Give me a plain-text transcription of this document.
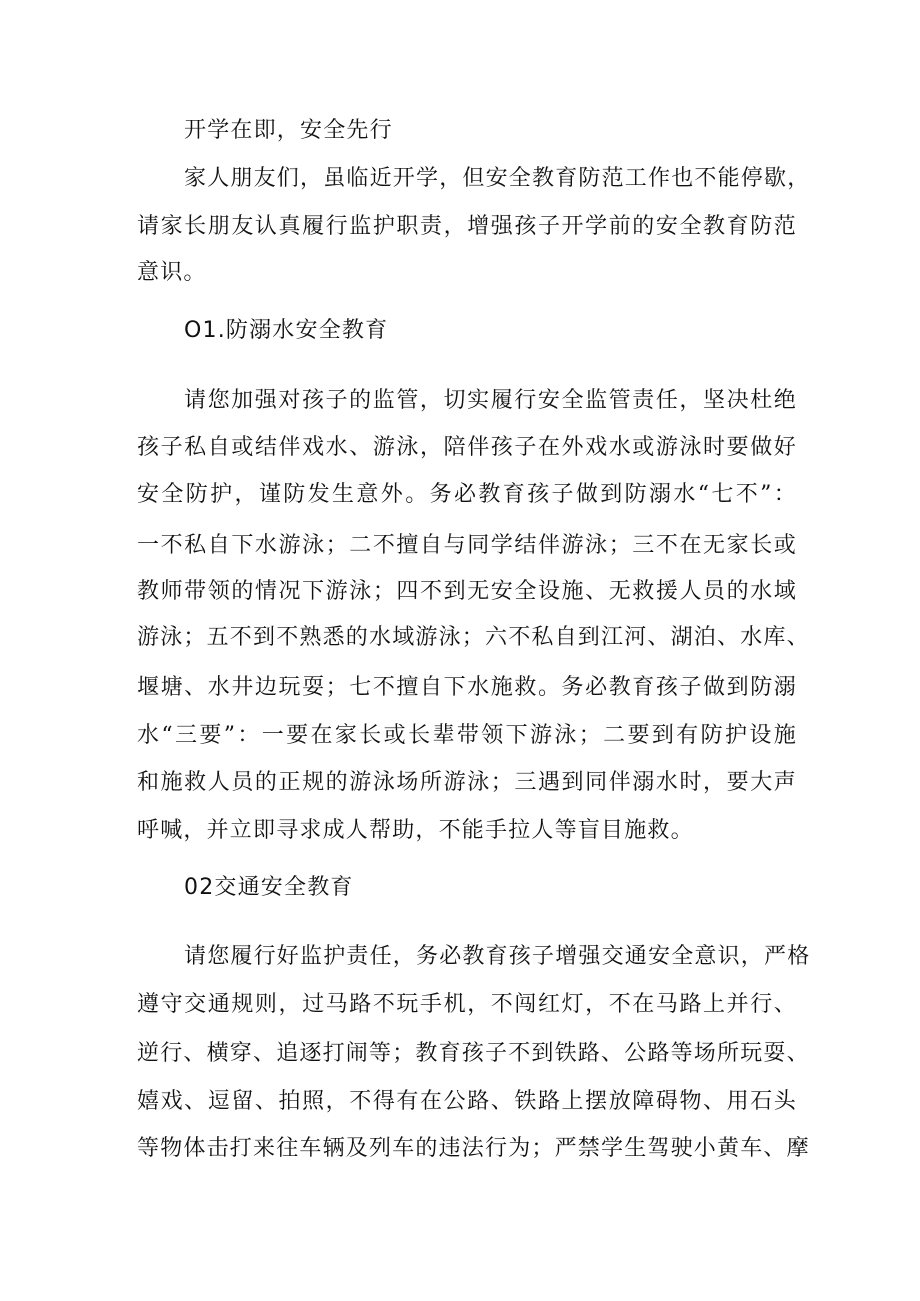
开学在即，安全先行
家人朋友们，虽临近开学，但安全教育防范工作也不能停歇，
请家长朋友认真履行监护职责，增强孩子开学前的安全教育防范
意识。
O1.防溺水安全教育
请您加强对孩子的监管，切实履行安全监管责任，坚决杜绝
孩子私自或结伴戏水、游泳，陪伴孩子在外戏水或游泳时要做好
安全防护，谨防发生意外。务必教育孩子做到防溺水“七不”：
一不私自下水游泳；二不擅自与同学结伴游泳；三不在无家长或
教师带领的情况下游泳；四不到无安全设施、无救援人员的水域
游泳；五不到不熟悉的水域游泳；六不私自到江河、湖泊、水库、
堰塘、水井边玩耍；七不擅自下水施救。务必教育孩子做到防溺
水“三要”：一要在家长或长辈带领下游泳；二要到有防护设施
和施救人员的正规的游泳场所游泳；三遇到同伴溺水时，要大声
呼喊，并立即寻求成人帮助，不能手拉人等盲目施救。
02交通安全教育
请您履行好监护责任，务必教育孩子增强交通安全意识，严格
遵守交通规则，过马路不玩手机，不闯红灯，不在马路上并行、
逆行、横穿、追逐打闹等；教育孩子不到铁路、公路等场所玩耍、
嬉戏、逗留、拍照，不得有在公路、铁路上摆放障碍物、用石头
等物体击打来往车辆及列车的违法行为；严禁学生驾驶小黄车、摩
